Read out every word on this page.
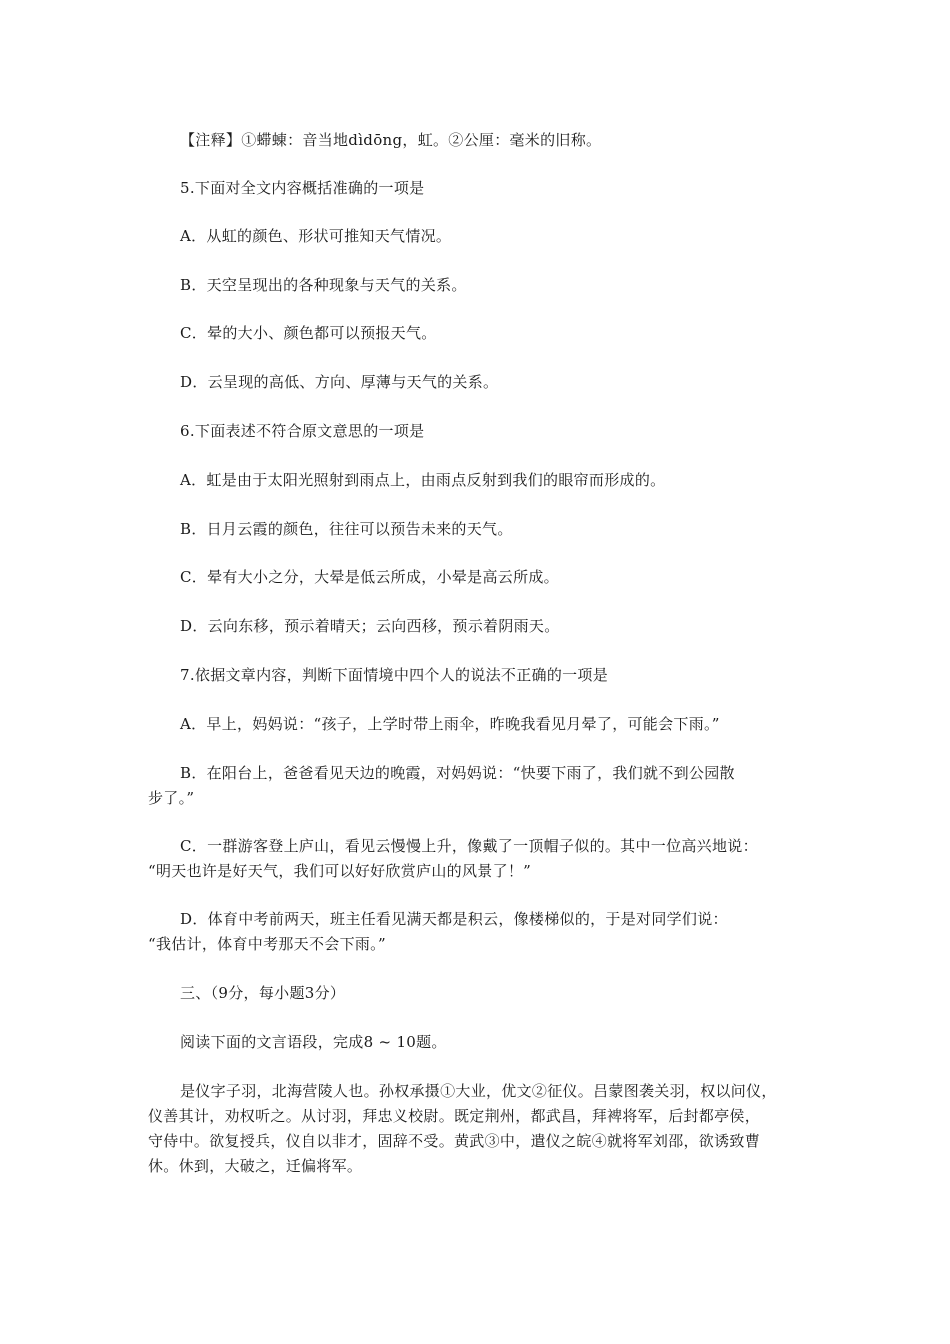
【注释】①䗖蝀：音当地dìdōng，虹。②公厘：毫米的旧称。
5.下面对全文内容概括准确的一项是
A．从虹的颜色、形状可推知天气情况。
B．天空呈现出的各种现象与天气的关系。
C．晕的大小、颜色都可以预报天气。
D．云呈现的高低、方向、厚薄与天气的关系。
6.下面表述不符合原文意思的一项是
A．虹是由于太阳光照射到雨点上，由雨点反射到我们的眼帘而形成的。
B．日月云霞的颜色，往往可以预告未来的天气。
C．晕有大小之分，大晕是低云所成，小晕是高云所成。
D．云向东移，预示着晴天；云向西移，预示着阴雨天。
7.依据文章内容，判断下面情境中四个人的说法不正确的一项是
A．早上，妈妈说：“孩子，上学时带上雨伞，昨晚我看见月晕了，可能会下雨。”
B．在阳台上，爸爸看见天边的晚霞，对妈妈说：“快要下雨了，我们就不到公园散
步了。”
C．一群游客登上庐山，看见云慢慢上升，像戴了一顶帽子似的。其中一位高兴地说：
“明天也许是好天气，我们可以好好欣赏庐山的风景了！”
D．体育中考前两天，班主任看见满天都是积云，像楼梯似的，于是对同学们说：
“我估计，体育中考那天不会下雨。”
三、（9分，每小题3分）
阅读下面的文言语段，完成8 ~ 10题。
是仪字子羽，北海营陵人也。孙权承摄①大业，优文②征仪。吕蒙图袭关羽，权以问仪，
仪善其计，劝权听之。从讨羽，拜忠义校尉。既定荆州，都武昌，拜裨将军，后封都亭侯，
守侍中。欲复授兵，仪自以非才，固辞不受。黄武③中，遣仪之皖④就将军刘邵，欲诱致曹
休。休到，大破之，迁偏将军。
